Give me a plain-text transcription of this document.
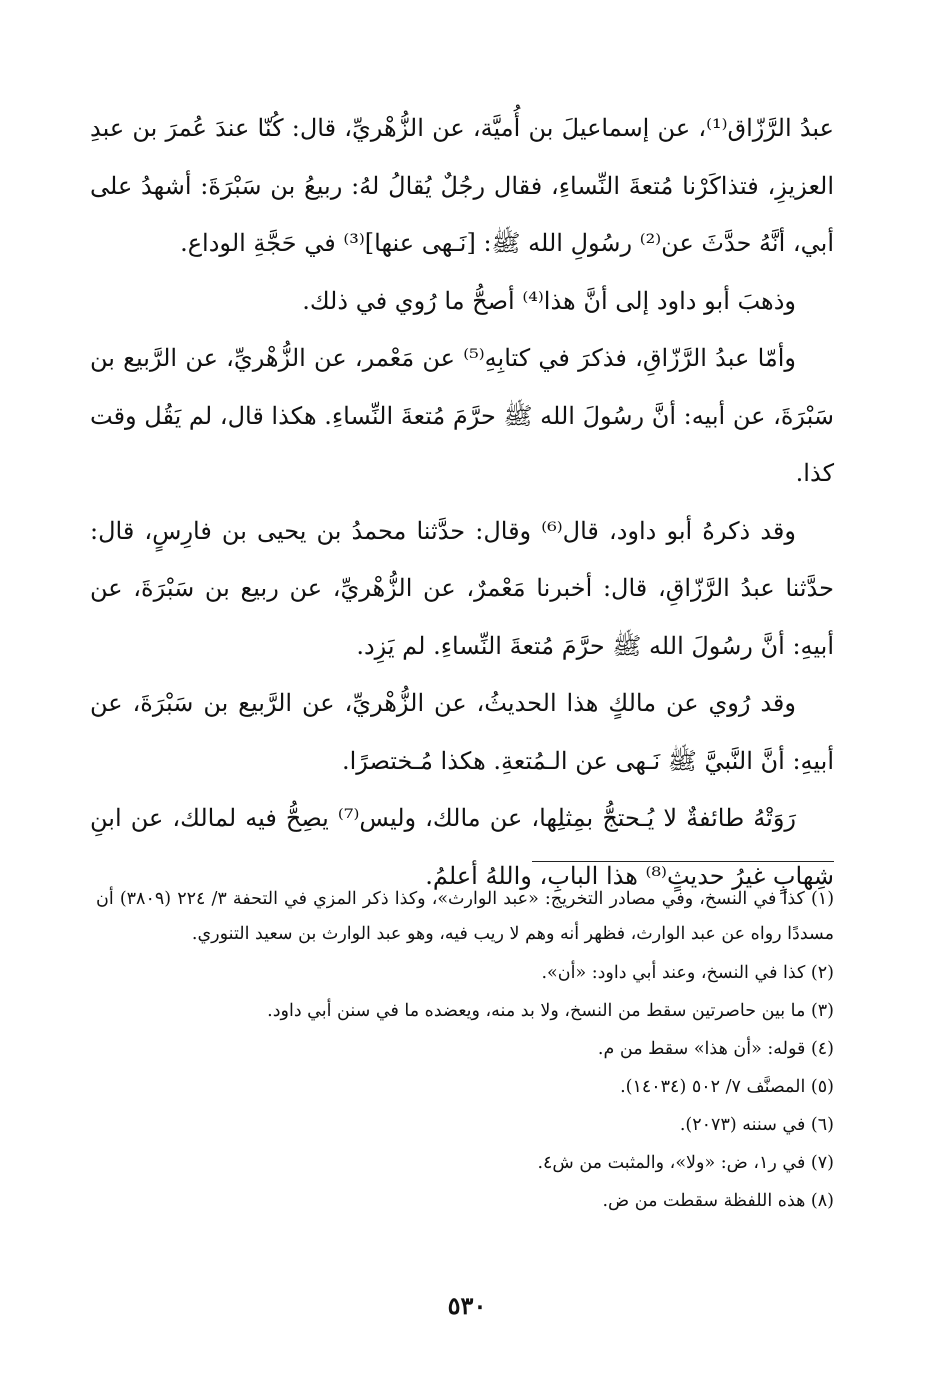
عبدُ الرَّزّاق⁽¹⁾، عن إسماعيلَ بن أُميَّة، عن الزُّهْريِّ، قال: كُنّا عندَ عُمرَ بن عبدِ العزيزِ، فتذاكَرْنا مُتعةَ النِّساءِ، فقال رجُلٌ يُقالُ لهُ: ربيعُ بن سَبْرَةَ: أشهدُ على أبي، أنَّهُ حدَّثَ عن⁽²⁾ رسُولِ الله ﷺ: [نَـهى عنها]⁽³⁾ في حَجَّةِ الوداع.

وذهبَ أبو داود إلى أنَّ هذا⁽⁴⁾ أصحُّ ما رُوي في ذلك.

وأمّا عبدُ الرَّزّاقِ، فذكرَ في كتابِهِ⁽⁵⁾ عن مَعْمر، عن الزُّهْريِّ، عن الرَّبيع بن سَبْرَةَ، عن أبيه: أنَّ رسُولَ الله ﷺ حرَّمَ مُتعةَ النِّساءِ. هكذا قال، لم يَقُل وقت كذا.

وقد ذكرهُ أبو داود، قال⁽⁶⁾ وقال: حدَّثنا محمدُ بن يحيى بن فارِسٍ، قال: حدَّثنا عبدُ الرَّزّاقِ، قال: أخبرنا مَعْمرٌ، عن الزُّهْريِّ، عن ربيع بن سَبْرَةَ، عن أبيهِ: أنَّ رسُولَ الله ﷺ حرَّمَ مُتعةَ النِّساءِ. لم يَزِد.

وقد رُوي عن مالكٍ هذا الحديثُ، عن الزُّهْريِّ، عن الرَّبيع بن سَبْرَةَ، عن أبيهِ: أنَّ النَّبيَّ ﷺ نَـهى عن الـمُتعةِ. هكذا مُـختصرًا.

رَوَتْهُ طائفةٌ لا يُـحتجُّ بمِثلِها، عن مالك، وليس⁽⁷⁾ يصِحُّ فيه لمالك، عن ابنِ شِهابٍ غيرُ حديثٍ⁽⁸⁾ هذا البابِ، واللهُ أعلمُ.

(١) كذا في النسخ، وفي مصادر التخريج: «عبد الوارث»، وكذا ذكر المزي في التحفة ٣/ ٢٢٤ (٣٨٠٩) أن مسددًا رواه عن عبد الوارث، فظهر أنه وهم لا ريب فيه، وهو عبد الوارث بن سعيد التنوري.

(٢) كذا في النسخ، وعند أبي داود: «أن».

(٣) ما بين حاصرتين سقط من النسخ، ولا بد منه، ويعضده ما في سنن أبي داود.

(٤) قوله: «أن هذا» سقط من م.

(٥) المصنَّف ٧/ ٥٠٢ (١٤٠٣٤).

(٦) في سننه (٢٠٧٣).

(٧) في ر١، ض: «ولا»، والمثبت من ش٤.

(٨) هذه اللفظة سقطت من ض.

٥٣٠
